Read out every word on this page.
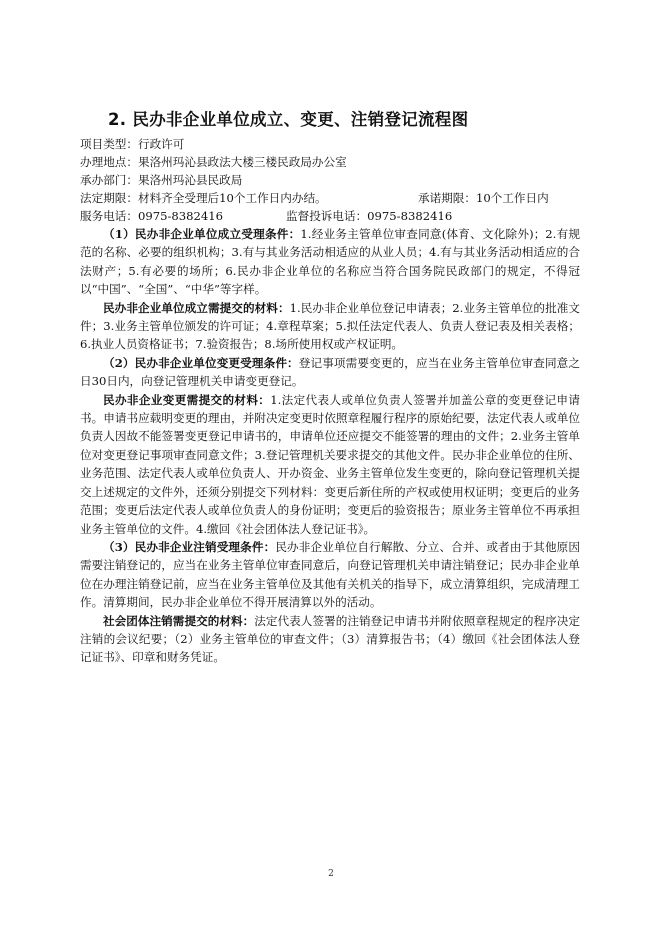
2. 民办非企业单位成立、变更、注销登记流程图
项目类型：行政许可
办理地点：果洛州玛沁县政法大楼三楼民政局办公室
承办部门：果洛州玛沁县民政局
法定期限：材料齐全受理后10个工作日内办结。	承诺期限：10个工作日内
服务电话：0975-8382416	监督投诉电话：0975-8382416

（1）民办非企业单位成立受理条件：1.经业务主管单位审查同意(体育、文化除外)；2.有规范的名称、必要的组织机构；3.有与其业务活动相适应的从业人员；4.有与其业务活动相适应的合法财产；5.有必要的场所；6.民办非企业单位的名称应当符合国务院民政部门的规定，不得冠以“中国”、“全国”、“中华”等字样。

民办非企业单位成立需提交的材料：1.民办非企业单位登记申请表；2.业务主管单位的批准文件；3.业务主管单位颁发的许可证；4.章程草案；5.拟任法定代表人、负责人登记表及相关表格；6.执业人员资格证书；7.验资报告；8.场所使用权或产权证明。

（2）民办非企业单位变更受理条件：登记事项需要变更的，应当在业务主管单位审查同意之日30日内，向登记管理机关申请变更登记。

民办非企业变更需提交的材料：1.法定代表人或单位负责人签署并加盖公章的变更登记申请书。申请书应载明变更的理由，并附决定变更时依照章程履行程序的原始纪要，法定代表人或单位负责人因故不能签署变更登记申请书的，申请单位还应提交不能签署的理由的文件；2.业务主管单位对变更登记事项审查同意文件；3.登记管理机关要求提交的其他文件。民办非企业单位的住所、业务范围、法定代表人或单位负责人、开办资金、业务主管单位发生变更的，除向登记管理机关提交上述规定的文件外，还须分别提交下列材料：变更后新住所的产权或使用权证明；变更后的业务范围；变更后法定代表人或单位负责人的身份证明；变更后的验资报告；原业务主管单位不再承担业务主管单位的文件。4.缴回《社会团体法人登记证书》。

（3）民办非企业注销受理条件：民办非企业单位自行解散、分立、合并、或者由于其他原因需要注销登记的，应当在业务主管单位审查同意后，向登记管理机关申请注销登记；民办非企业单位在办理注销登记前，应当在业务主管单位及其他有关机关的指导下，成立清算组织，完成清理工作。清算期间，民办非企业单位不得开展清算以外的活动。

社会团体注销需提交的材料：法定代表人签署的注销登记申请书并附依照章程规定的程序决定注销的会议纪要；（2）业务主管单位的审查文件；（3）清算报告书；（4）缴回《社会团体法人登记证书》、印章和财务凭证。

2
